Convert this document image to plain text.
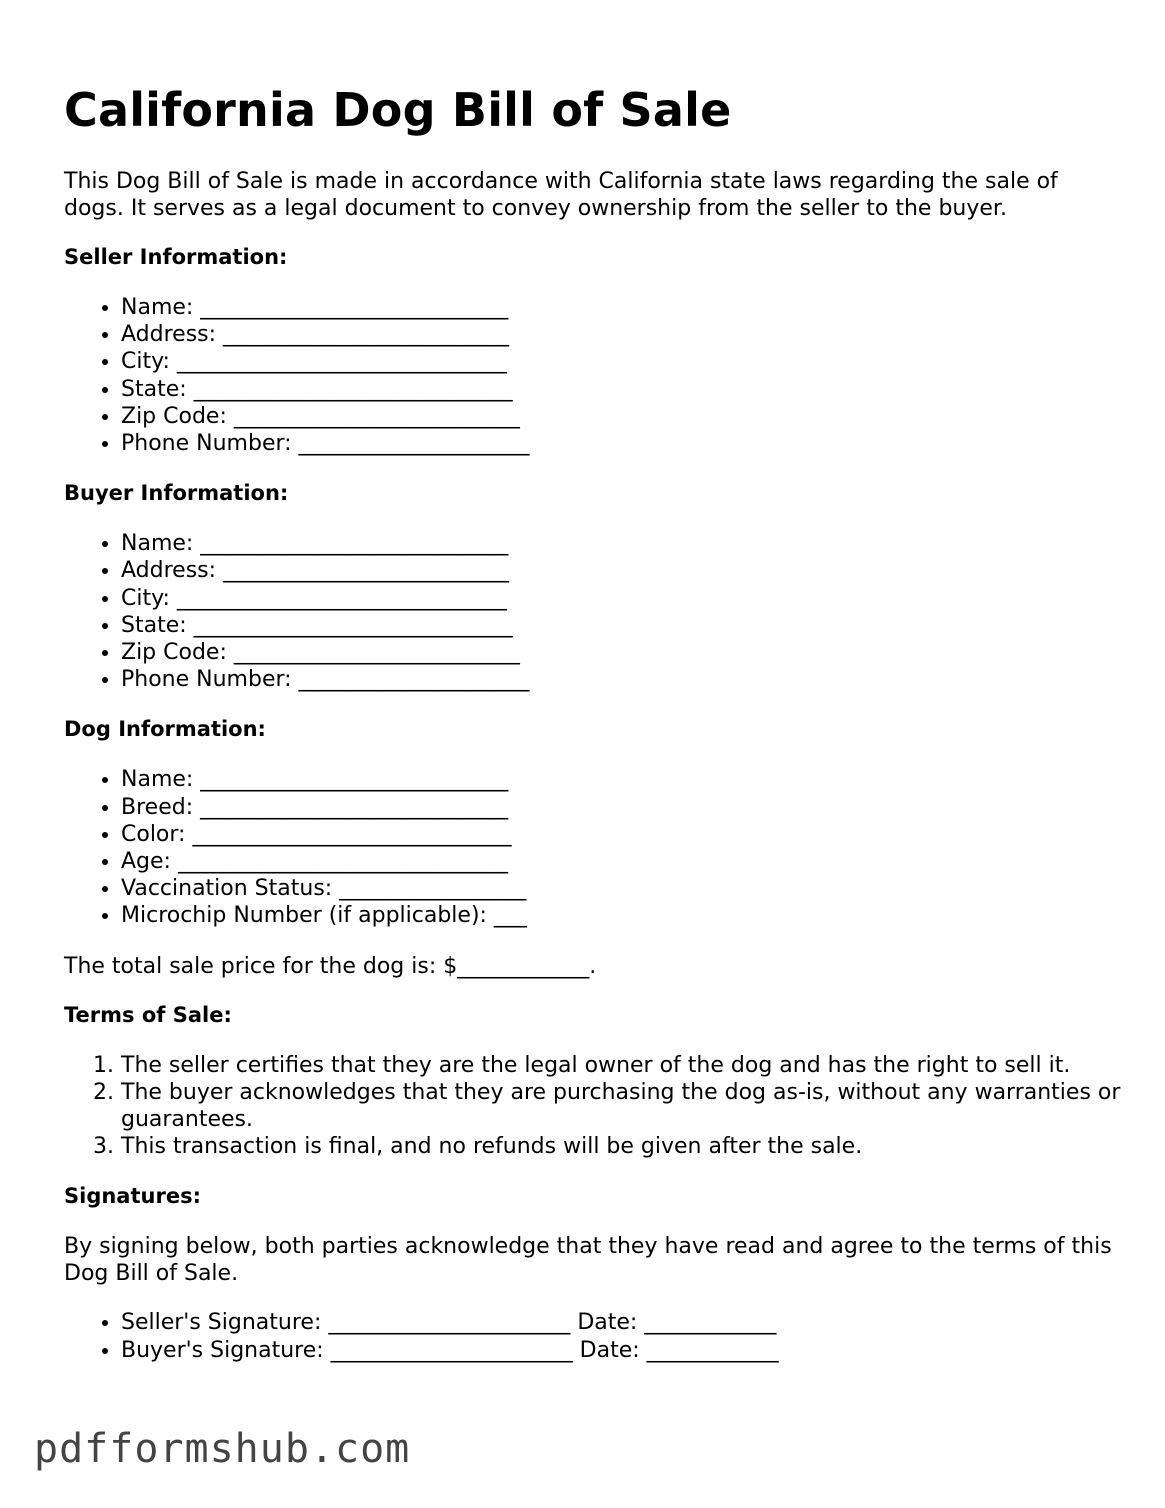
California Dog Bill of Sale

This Dog Bill of Sale is made in accordance with California state laws regarding the sale of dogs. It serves as a legal document to convey ownership from the seller to the buyer.

Seller Information:
• Name: ____________________________
• Address: __________________________
• City: ______________________________
• State: _____________________________
• Zip Code: __________________________
• Phone Number: _____________________
Buyer Information:
• Name: ____________________________
• Address: __________________________
• City: ______________________________
• State: _____________________________
• Zip Code: __________________________
• Phone Number: _____________________
Dog Information:
• Name: ____________________________
• Breed: ____________________________
• Color: _____________________________
• Age: ______________________________
• Vaccination Status: _________________
• Microchip Number (if applicable): ___

The total sale price for the dog is: $____________.

Terms of Sale:
1. The seller certifies that they are the legal owner of the dog and has the right to sell it.
2. The buyer acknowledges that they are purchasing the dog as-is, without any warranties or guarantees.
3. This transaction is final, and no refunds will be given after the sale.
Signatures:

By signing below, both parties acknowledge that they have read and agree to the terms of this Dog Bill of Sale.

• Seller's Signature: ______________________ Date: ____________
• Buyer's Signature: ______________________ Date: ____________
pdfformshub.com
